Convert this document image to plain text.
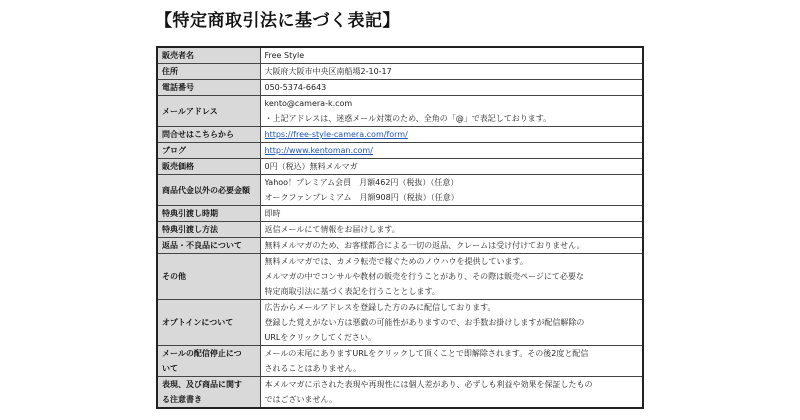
【特定商取引法に基づく表記】
販売者名	Free Style

住所	大阪府大阪市中央区南船場2-10-17

電話番号	050-5374-6643

メールアドレス	kento@camera-k.com
・上記アドレスは、迷惑メール対策のため、全角の「@」で表記しております。

問合せはこちらから	https://free-style-camera.com/form/

ブログ	http://www.kentoman.com/

販売価格	0円（税込）無料メルマガ

商品代金以外の必要金額	Yahoo！プレミアム会員　月額462円（税抜）（任意）
オークファンプレミアム　月額908円（税抜）（任意）

特典引渡し時期	即時

特典引渡し方法	返信メールにて情報をお届けします。

返品・不良品について	無料メルマガのため、お客様都合による一切の返品、クレームは受け付けておりません。

その他	無料メルマガでは、カメラ転売で稼ぐためのノウハウを提供しています。
メルマガの中でコンサルや教材の販売を行うことがあり、その際は販売ページにて必要な
特定商取引法に基づく表記を行うこととします。

オプトインについて	広告からメールアドレスを登録した方のみに配信しております。
登録した覚えがない方は悪戯の可能性がありますので、お手数お掛けしますが配信解除の
URLをクリックしてください。

メールの配信停止につ
いて	メールの末尾にありますURLをクリックして頂くことで即解除されます。その後2度と配信
されることはありません。

表現、及び商品に関す
る注意書き	本メルマガに示された表現や再現性には個人差があり、必ずしも利益や効果を保証したもの
ではございません。
